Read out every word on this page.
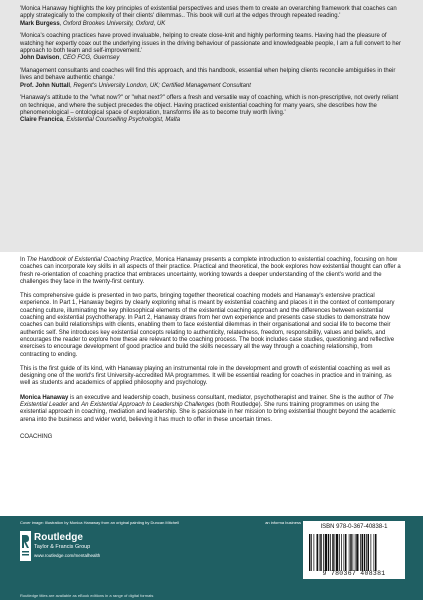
'Monica Hanaway highlights the key principles of existential perspectives and uses them to create an overarching framework that coaches can apply strategically to the complexity of their clients' dilemmas.. This book will curl at the edges through repeated reading.'
Mark Burgess, Oxford Brookes University, Oxford, UK
'Monica's coaching practices have proved invaluable, helping to create close-knit and highly performing teams. Having had the pleasure of watching her expertly coax out the underlying issues in the driving behaviour of passionate and knowledgeable people, I am a full convert to her approach to both team and self-improvement.'
John Davison, CEO FCG, Guernsey
'Management consultants and coaches will find this approach, and this handbook, essential when helping clients reconcile ambiguities in their lives and behave authentic change.'
Prof. John Nuttall, Regent's University London, UK; Certified Management Consultant
'Hanaway's attitude to the "what now?" or "what next?" offers a fresh and versatile way of coaching, which is non-prescriptive, not overly reliant on technique, and where the subject precedes the object. Having practiced existential coaching for many years, she describes how the phenomenological – ontological space of exploration, transforms life as to become truly worth living.'
Claire Francica, Existential Counselling Psychologist, Malta

In The Handbook of Existential Coaching Practice, Monica Hanaway presents a complete introduction to existential coaching, focusing on how coaches can incorporate key skills in all aspects of their practice. Practical and theoretical, the book explores how existential thought can offer a fresh re-orientation of coaching practice that embraces uncertainty, working towards a deeper understanding of the client's world and the challenges they face in the twenty-first century.

This comprehensive guide is presented in two parts, bringing together theoretical coaching models and Hanaway's extensive practical experience. In Part 1, Hanaway begins by clearly exploring what is meant by existential coaching and places it in the context of contemporary coaching culture, illuminating the key philosophical elements of the existential coaching approach and the differences between existential coaching and existential psychotherapy. In Part 2, Hanaway draws from her own experience and presents case studies to demonstrate how coaches can build relationships with clients, enabling them to face existential dilemmas in their organisational and social life to become their authentic self. She introduces key existential concepts relating to authenticity, relatedness, freedom, responsibility, values and beliefs, and encourages the reader to explore how these are relevant to the coaching process. The book includes case studies, questioning and reflective exercises to encourage development of good practice and build the skills necessary all the way through a coaching relationship, from contracting to ending.

This is the first guide of its kind, with Hanaway playing an instrumental role in the development and growth of existential coaching as well as designing one of the world's first University-accredited MA programmes. It will be essential reading for coaches in practice and in training, as well as students and academics of applied philosophy and psychology.

Monica Hanaway is an executive and leadership coach, business consultant, mediator, psychotherapist and trainer. She is the author of The Existential Leader and An Existential Approach to Leadership Challenges (both Routledge). She runs training programmes on using the existential approach in coaching, mediation and leadership. She is passionate in her mission to bring existential thought beyond the academic arena into the business and wider world, believing it has much to offer in these uncertain times.

COACHING
Cover image: Illustration by Monica Hanaway from an original painting by Duncan Mitchell	an informa business
Routledge
Taylor & Francis Group
www.routledge.com/mentalhealth
Routledge titles are available as eBook editions in a range of digital formats
ISBN 978-0-367-40838-1
9 780367 408381
